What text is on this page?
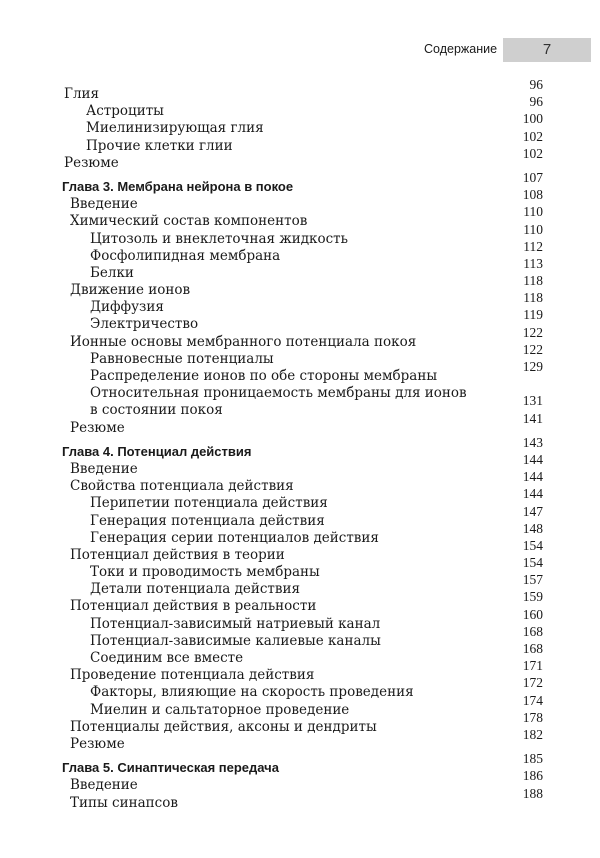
Содержание	7
Глия
96
Астроциты
96
Миелинизирующая глия
100
Прочие клетки глии
102
Резюме
102
Глава 3. Мембрана нейрона в покое
107
Введение
108
Химический состав компонентов
110
Цитозоль и внеклеточная жидкость
110
Фосфолипидная мембрана
112
Белки
113
Движение ионов
118
Диффузия
118
Электричество
119
Ионные основы мембранного потенциала покоя
122
Равновесные потенциалы
122
Распределение ионов по обе стороны мембраны
129
Относительная проницаемость мембраны для ионов
в состоянии покоя
131
Резюме
141
Глава 4. Потенциал действия
143
Введение
144
Свойства потенциала действия
144
Перипетии потенциала действия
144
Генерация потенциала действия
147
Генерация серии потенциалов действия
148
Потенциал действия в теории
154
Токи и проводимость мембраны
154
Детали потенциала действия
157
Потенциал действия в реальности
159
Потенциал-зависимый натриевый канал
160
Потенциал-зависимые калиевые каналы
168
Соединим все вместе
168
Проведение потенциала действия
171
Факторы, влияющие на скорость проведения
172
Миелин и сальтаторное проведение
174
Потенциалы действия, аксоны и дендриты
178
Резюме
182
Глава 5. Синаптическая передача
185
Введение
186
Типы синапсов
188
